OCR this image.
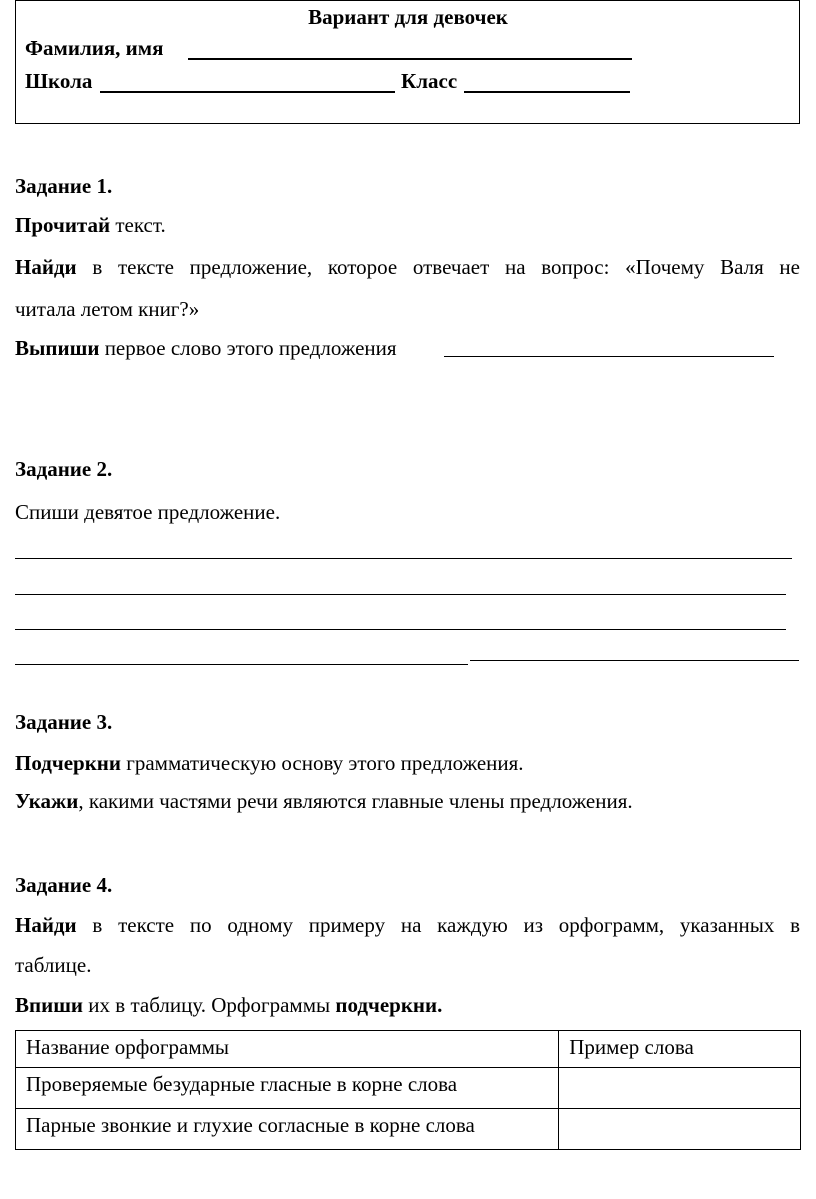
Вариант для девочек
Фамилия, имя
Школа	Класс
Задание 1.
Прочитай текст.
Найди в тексте предложение, которое отвечает на вопрос: «Почему Валя не
читала летом книг?»
Выпиши первое слово этого предложения
Задание 2.
Спиши девятое предложение.
Задание 3.
Подчеркни грамматическую основу этого предложения.
Укажи, какими частями речи являются главные члены предложения.
Задание 4.
Найди в тексте по одному примеру на каждую из орфограмм, указанных в
таблице.
Впиши их в таблицу. Орфограммы подчеркни.
Название орфограммы	Пример слова
Проверяемые безударные гласные в корне слова	
Парные звонкие и глухие согласные в корне слова	
